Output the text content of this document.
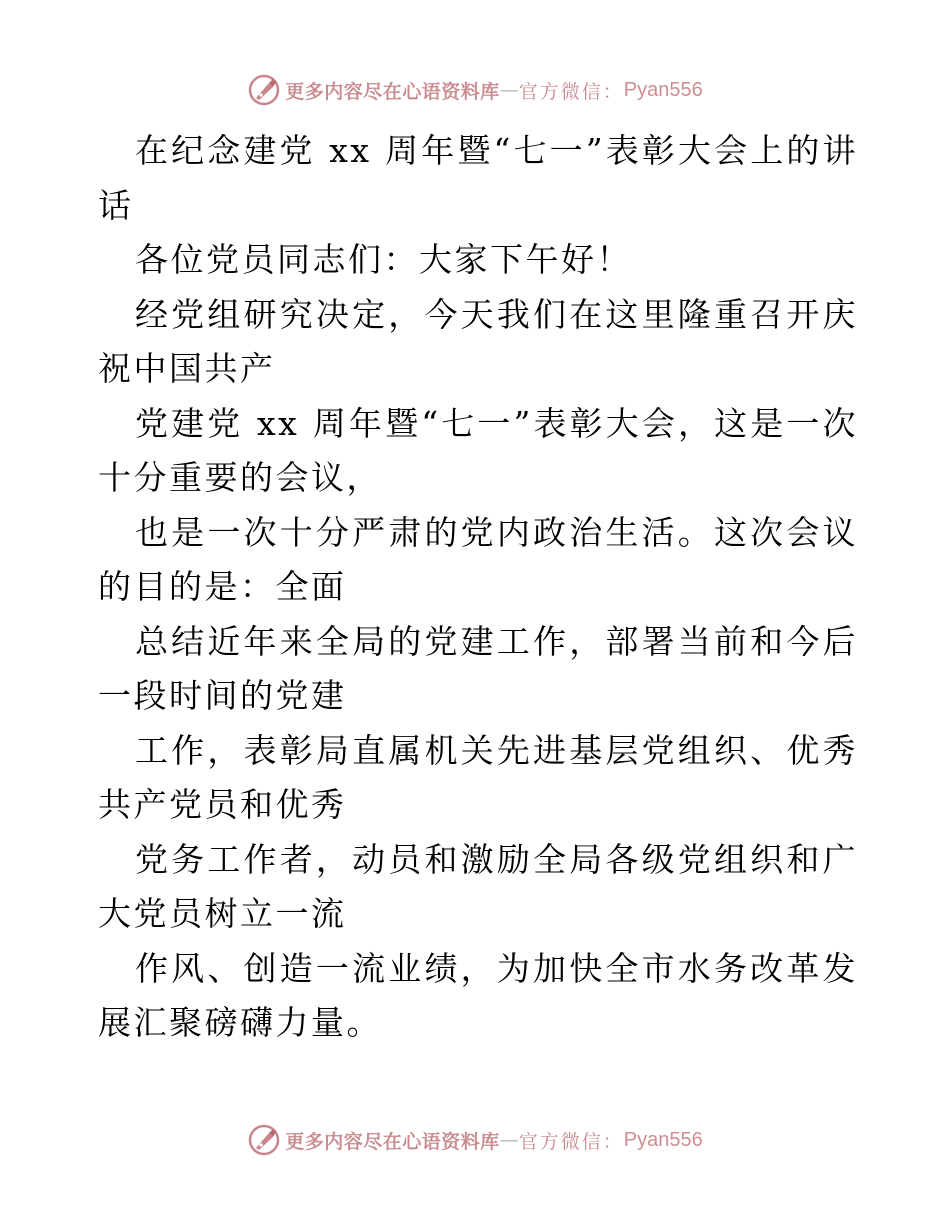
更多内容尽在心语资料库 — 官方微信： Pyan556

在纪念建党 xx 周年暨“七一”表彰大会上的讲话

各位党员同志们：大家下午好！

经党组研究决定，今天我们在这里隆重召开庆祝中国共产

党建党 xx 周年暨“七一”表彰大会，这是一次十分重要的会议，

也是一次十分严肃的党内政治生活。这次会议的目的是：全面

总结近年来全局的党建工作，部署当前和今后一段时间的党建

工作，表彰局直属机关先进基层党组织、优秀共产党员和优秀

党务工作者，动员和激励全局各级党组织和广大党员树立一流

作风、创造一流业绩，为加快全市水务改革发展汇聚磅礴力量。

更多内容尽在心语资料库 — 官方微信： Pyan556
